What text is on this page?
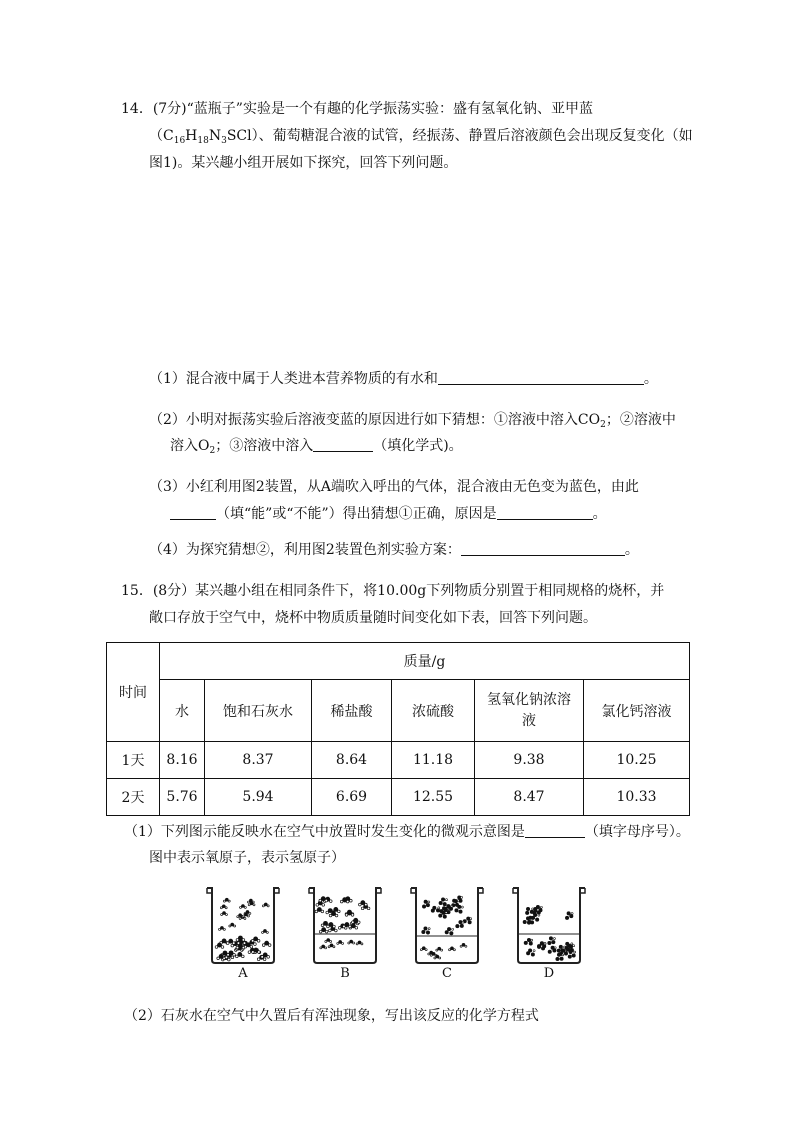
14．(7分)“蓝瓶子”实验是一个有趣的化学振荡实验：盛有氢氧化钠、亚甲蓝
$(C_{16}H_{18}N_3SCl)$、葡萄糖混合液的试管，经振荡、静置后溶液颜色会出现反复变化（如
图1)。某兴趣小组开展如下探究，回答下列问题。
（1）混合液中属于人类进本营养物质的有水和	。
（2）小明对振荡实验后溶液变蓝的原因进行如下猜想：①溶液中溶入$CO_2$；②溶液中
溶入$O_2$；③溶液中溶入	（填化学式)。
（3）小红利用图2装置，从A端吹入呼出的气体，混合液由无色变为蓝色，由此
（填“能”或“不能”）得出猜想①正确，原因是	。
（4）为探究猜想②，利用图2装置色剂实验方案：	。
15．(8分）某兴趣小组在相同条件下，将10.00g下列物质分别置于相同规格的烧杯，并
敞口存放于空气中，烧杯中物质质量随时间变化如下表，回答下列问题。
时间	质量/g					
	水	饱和石灰水	稀盐酸	浓硫酸	氢氧化钠浓溶
液	氯化钙溶液
1天	8.16	8.37	8.64	11.18	9.38	10.25
2天	5.76	5.94	6.69	12.55	8.47	10.33
（1）下列图示能反映水在空气中放置时发生变化的微观示意图是	（填字母序号）。
图中表示氧原子，表示氢原子）
A	B	C	D
（2）石灰水在空气中久置后有浑浊现象，写出该反应的化学方程式
